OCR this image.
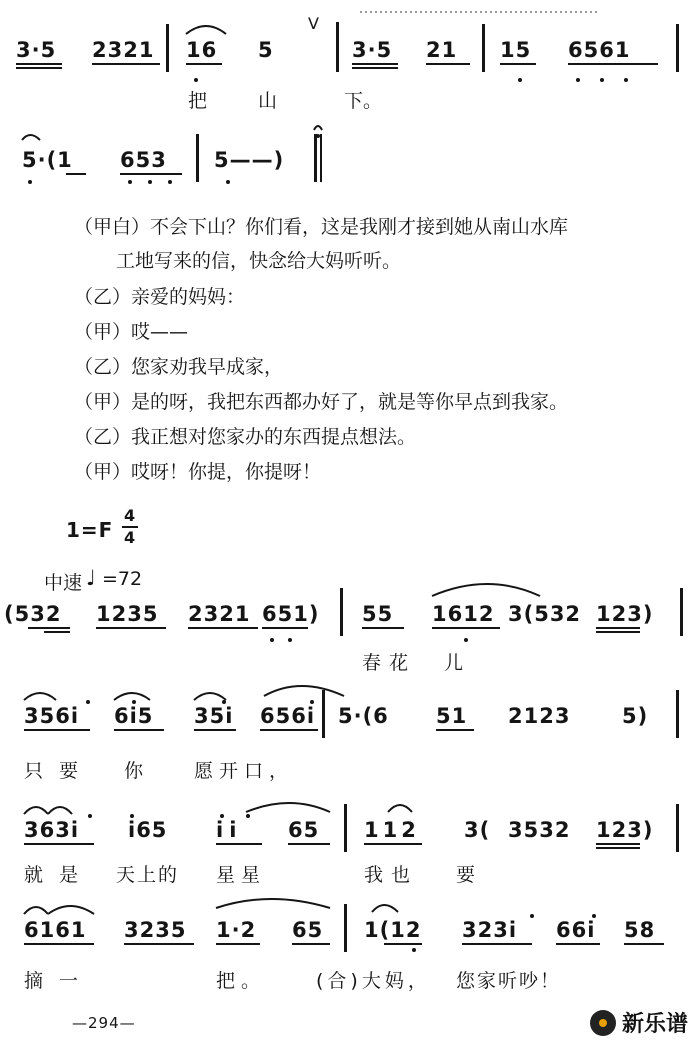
3·5 2321 16 5
V
3·5 21 15 6561
把	山	下。
5·(1 653 5——)
（甲白）不会下山？你们看，这是我刚才接到她从南山水库
工地写来的信，快念给大妈听听。
（乙）亲爱的妈妈：
（甲）哎——
（乙）您家劝我早成家，
（甲）是的呀，我把东西都办好了，就是等你早点到我家。
（乙）我正想对您家办的东西提点想法。
（甲）哎呀！你提，你提呀！
1=F
4
4
中速 ♩ =72
(532 1235 2321 651) 55 1612 3(532 123)
春花 儿
356i 6i5 35i 656i 5·(6 51 2123 5)
只要 你	愿开口，
363i i65 ii 65 112 3( 3532 123)
就是 天上的 星星	我也 要
6161 3235 1·2 65 1(12 323i 66i 58
摘一	把。	(合)大妈， 您家听吵！
—294—	新乐谱
